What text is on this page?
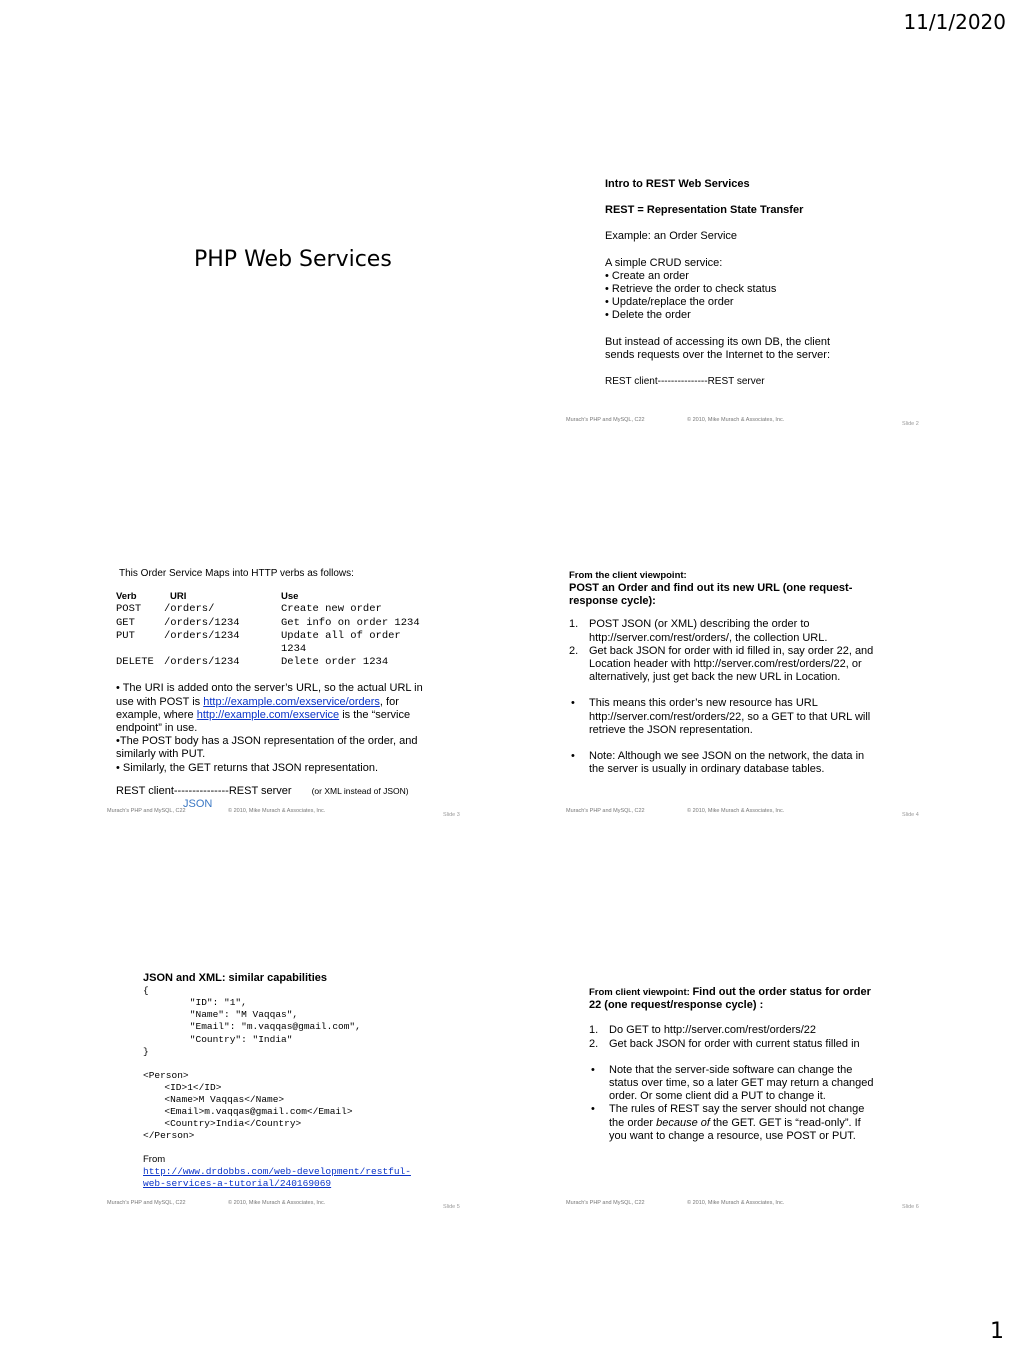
11/1/2020
1
PHP Web Services
Intro to REST Web Services
REST = Representation State Transfer
Example: an Order Service
A simple CRUD service:
• Create an order
• Retrieve the order to check status
• Update/replace the order
• Delete the order
But instead of accessing its own DB, the client
sends requests over the Internet to the server:
REST client---------------REST server
Murach's PHP and MySQL, C22	© 2010, Mike Murach & Associates, Inc.
Slide 2
This Order Service Maps into HTTP verbs as follows:
Verb	URI	Use
POST	/orders/	Create new order
GET	/orders/1234	Get info on order 1234
PUT	/orders/1234	Update all of order 1234
DELETE	/orders/1234	Delete order 1234
• The URI is added onto the server’s URL, so the actual URL in use with POST is http://example.com/exservice/orders, for example, where http://example.com/exservice is the “service endpoint” in use.
•The POST body has a JSON representation of the order, and similarly with PUT.
• Similarly, the GET returns that JSON representation.
REST client---------------REST server (or XML instead of JSON)
JSON
Murach's PHP and MySQL, C22	© 2010, Mike Murach & Associates, Inc.
Slide 3
From the client viewpoint:
POST an Order and find out its new URL (one request-response cycle):
1. POST JSON (or XML) describing the order to http://server.com/rest/orders/, the collection URL.
2. Get back JSON for order with id filled in, say order 22, and Location header with http://server.com/rest/orders/22, or alternatively, just get back the new URL in Location.
• This means this order’s new resource has URL http://server.com/rest/orders/22, so a GET to that URL will retrieve the JSON representation.
• Note: Although we see JSON on the network, the data in the server is usually in ordinary database tables.
Murach's PHP and MySQL, C22	© 2010, Mike Murach & Associates, Inc.
Slide 4
JSON and XML: similar capabilities
{
"ID": "1",
"Name": "M Vaqqas",
"Email": "m.vaqqas@gmail.com",
"Country": "India"
}
<Person>
<ID>1</ID>
<Name>M Vaqqas</Name>
<Email>m.vaqqas@gmail.com</Email>
<Country>India</Country>
</Person>
From
http://www.drdobbs.com/web-development/restful-
web-services-a-tutorial/240169069
Murach's PHP and MySQL, C22	© 2010, Mike Murach & Associates, Inc.
Slide 5
From client viewpoint: Find out the order status for order 22 (one request/response cycle) :
1. Do GET to http://server.com/rest/orders/22
2. Get back JSON for order with current status filled in
• Note that the server-side software can change the status over time, so a later GET may return a changed order. Or some client did a PUT to change it.
• The rules of REST say the server should not change the order because of the GET. GET is “read-only”. If you want to change a resource, use POST or PUT.
Murach's PHP and MySQL, C22	© 2010, Mike Murach & Associates, Inc.
Slide 6
